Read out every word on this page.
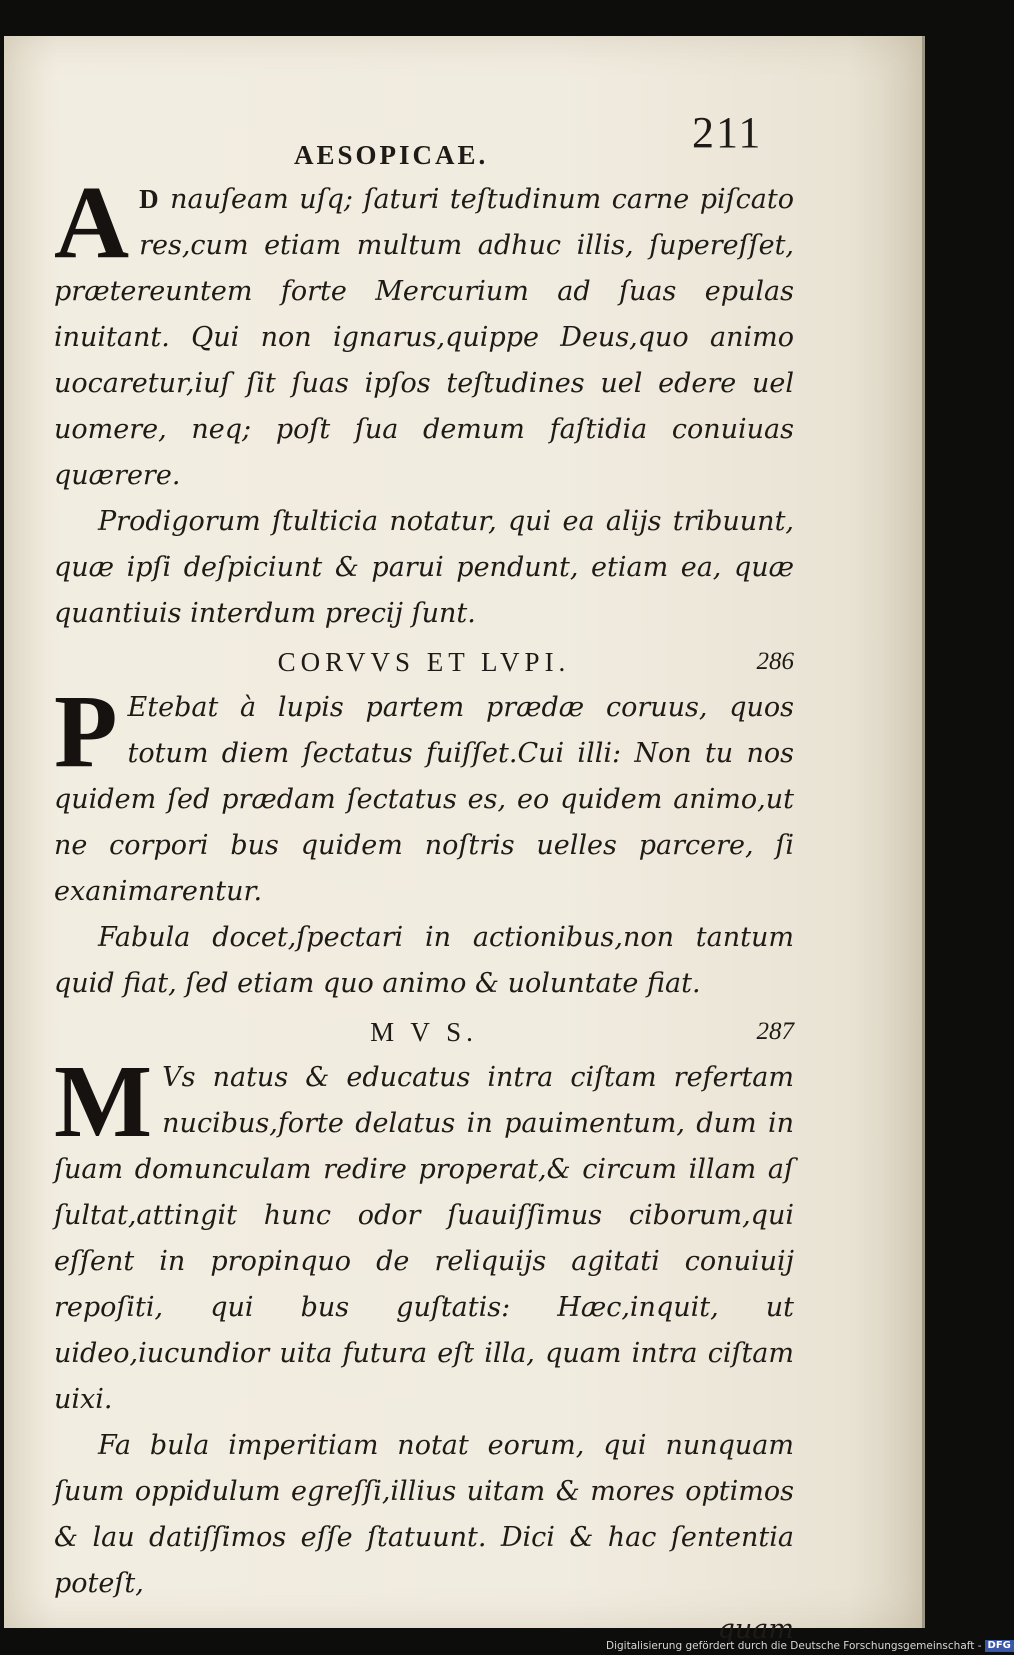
AESOPICAE.	211

A D nauſeam uſq; ſaturi teſtudinum carne piſcato res,cum etiam multum adhuc illis, ſupereſſet, prætereuntem forte Mercurium ad ſuas epulas inuitant. Qui non ignarus,quippe Deus,quo animo uocaretur,iuſ ſit ſuas ipſos teſtudines uel edere uel uomere, neq; poſt ſua demum faſtidia conuiuas quærere.

Prodigorum ſtulticia notatur, qui ea alijs tribuunt, quæ ipſi deſpiciunt & parui pendunt, etiam ea, quæ quantiuis interdum precij ſunt.

CORVVS ET LVPI.	286

P Etebat à lupis partem prædæ coruus, quos totum diem ſectatus fuiſſet.Cui illi: Non tu nos quidem ſed prædam ſectatus es, eo quidem animo,ut ne corpori bus quidem noſtris uelles parcere, ſi exanimarentur.

Fabula docet,ſpectari in actionibus,non tantum quid fiat, ſed etiam quo animo & uoluntate fiat.

M V S.	287

M Vs natus & educatus intra ciſtam refertam nucibus,forte delatus in pauimentum, dum in ſuam domunculam redire properat,& circum illam aſ ſultat,attingit hunc odor ſuauiſſimus ciborum,qui eſſent in propinquo de reliquijs agitati conuiuij repoſiti, qui bus guſtatis: Hæc,inquit, ut uideo,iucundior uita futura eſt illa, quam intra ciſtam uixi.

Fa bula imperitiam notat eorum, qui nunquam ſuum oppidulum egreſſi,illius uitam & mores optimos & lau datiſſimos eſſe ſtatuunt. Dici & hac ſententia poteſt,

quam

Digitalisierung gefördert durch die Deutsche Forschungsgemeinschaft - DFG
